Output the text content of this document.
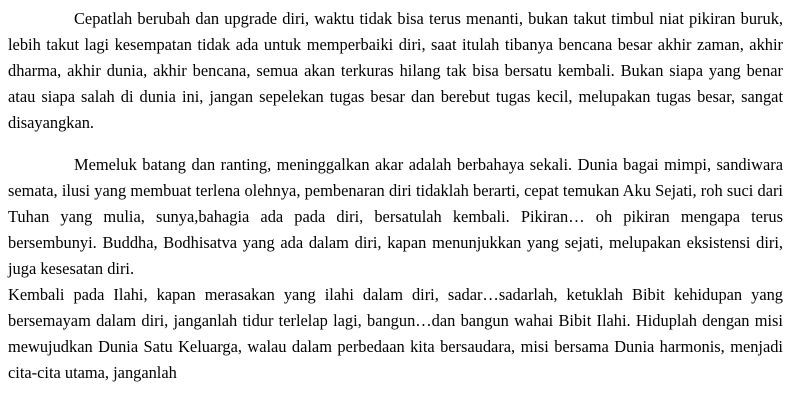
Cepatlah berubah dan upgrade diri, waktu tidak bisa terus menanti, bukan takut timbul niat pikiran buruk, lebih takut lagi kesempatan tidak ada untuk memperbaiki diri, saat itulah tibanya bencana besar akhir zaman, akhir dharma, akhir dunia, akhir bencana, semua akan terkuras hilang tak bisa bersatu kembali. Bukan siapa yang benar atau siapa salah di dunia ini, jangan sepelekan tugas besar dan berebut tugas kecil, melupakan tugas besar, sangat disayangkan.

Memeluk batang dan ranting, meninggalkan akar adalah berbahaya sekali. Dunia bagai mimpi, sandiwara semata, ilusi yang membuat terlena olehnya, pembenaran diri tidaklah berarti, cepat temukan Aku Sejati, roh suci dari Tuhan yang mulia, sunya,bahagia ada pada diri, bersatulah kembali. Pikiran… oh pikiran mengapa terus bersembunyi. Buddha, Bodhisatva yang ada dalam diri, kapan menunjukkan yang sejati, melupakan eksistensi diri, juga kesesatan diri.

Kembali pada Ilahi, kapan merasakan yang ilahi dalam diri, sadar…sadarlah, ketuklah Bibit kehidupan yang bersemayam dalam diri, janganlah tidur terlelap lagi, bangun…dan bangun wahai Bibit Ilahi. Hiduplah dengan misi mewujudkan Dunia Satu Keluarga, walau dalam perbedaan kita bersaudara, misi bersama Dunia harmonis, menjadi cita-cita utama, janganlah
